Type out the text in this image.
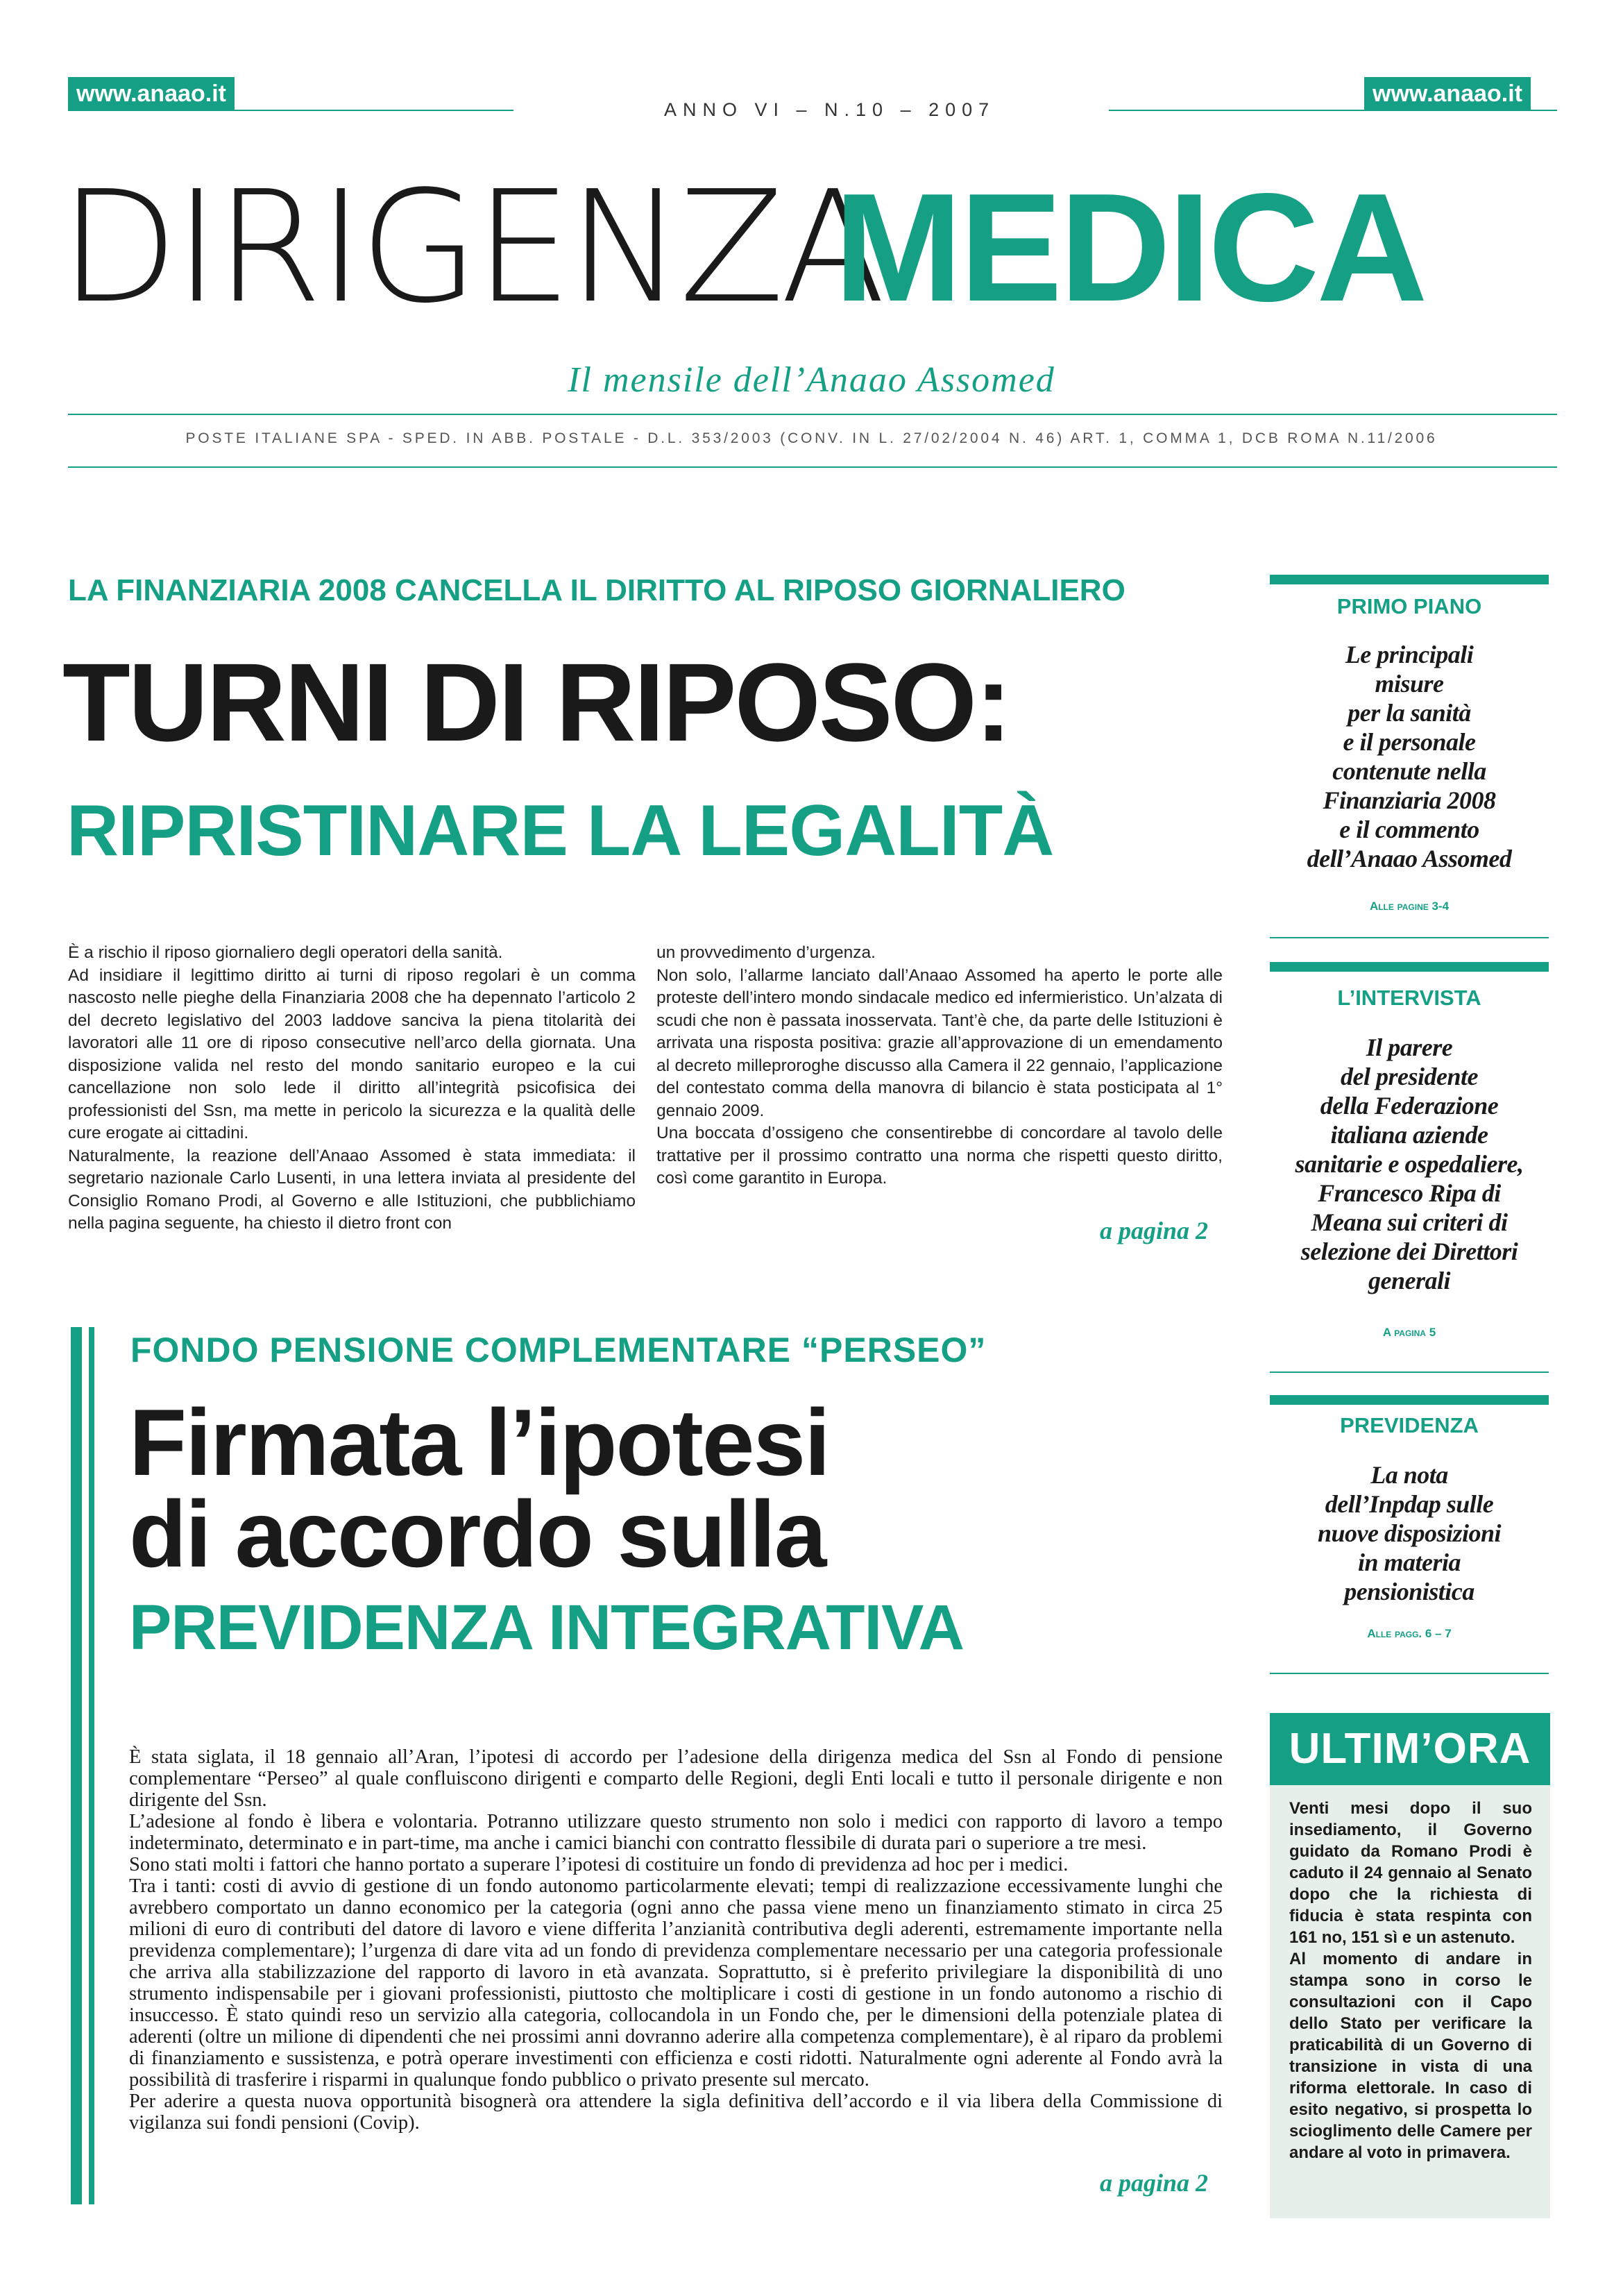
www.anaao.it
ANNO VI – N.10 – 2007
www.anaao.it
DIRIGENZA
MEDICA
Il mensile dell’Anaao Assomed
POSTE ITALIANE SPA - SPED. IN ABB. POSTALE - D.L. 353/2003 (CONV. IN L. 27/02/2004 N. 46) ART. 1, COMMA 1, DCB ROMA N.11/2006
LA FINANZIARIA 2008 CANCELLA IL DIRITTO AL RIPOSO GIORNALIERO
TURNI DI RIPOSO:
RIPRISTINARE LA LEGALITÀ

È a rischio il riposo giornaliero degli operatori della sanità.

Ad insidiare il legittimo diritto ai turni di riposo regolari è un comma nascosto nelle pieghe della Finanziaria 2008 che ha depennato l’articolo 2 del decreto legislativo del 2003 laddove sanciva la piena titolarità dei lavoratori alle 11 ore di riposo consecutive nell’arco della giornata. Una disposizione valida nel resto del mondo sanitario europeo e la cui cancellazione non solo lede il diritto all’integrità psicofisica dei professionisti del Ssn, ma mette in pericolo la sicurezza e la qualità delle cure erogate ai cittadini.

Naturalmente, la reazione dell’Anaao Assomed è stata immediata: il segretario nazionale Carlo Lusenti, in una lettera inviata al presidente del Consiglio Romano Prodi, al Governo e alle Istituzioni, che pubblichiamo nella pagina seguente, ha chiesto il dietro front con

un provvedimento d’urgenza.

Non solo, l’allarme lanciato dall’Anaao Assomed ha aperto le porte alle proteste dell’intero mondo sindacale medico ed infermieristico. Un’alzata di scudi che non è passata inosservata. Tant’è che, da parte delle Istituzioni è arrivata una risposta positiva: grazie all’approvazione di un emendamento al decreto milleproroghe discusso alla Camera il 22 gennaio, l’applicazione del contestato comma della manovra di bilancio è stata posticipata al 1° gennaio 2009.

Una boccata d’ossigeno che consentirebbe di concordare al tavolo delle trattative per il prossimo contratto una norma che rispetti questo diritto, così come garantito in Europa.

a pagina 2
FONDO PENSIONE COMPLEMENTARE “PERSEO”
Firmata l’ipotesi
di accordo sulla
PREVIDENZA INTEGRATIVA

È stata siglata, il 18 gennaio all’Aran, l’ipotesi di accordo per l’adesione della dirigenza medica del Ssn al Fondo di pensione complementare “Perseo” al quale confluiscono dirigenti e comparto delle Regioni, degli Enti locali e tutto il personale dirigente e non dirigente del Ssn.

L’adesione al fondo è libera e volontaria. Potranno utilizzare questo strumento non solo i medici con rapporto di lavoro a tempo indeterminato, determinato e in part-time, ma anche i camici bianchi con contratto flessibile di durata pari o superiore a tre mesi.

Sono stati molti i fattori che hanno portato a superare l’ipotesi di costituire un fondo di previdenza ad hoc per i medici.

Tra i tanti: costi di avvio di gestione di un fondo autonomo particolarmente elevati; tempi di realizzazione eccessivamente lunghi che avrebbero comportato un danno economico per la categoria (ogni anno che passa viene meno un finanziamento stimato in circa 25 milioni di euro di contributi del datore di lavoro e viene differita l’anzianità contributiva degli aderenti, estremamente importante nella previdenza complementare); l’urgenza di dare vita ad un fondo di previdenza complementare necessario per una categoria professionale che arriva alla stabilizzazione del rapporto di lavoro in età avanzata. Soprattutto, si è preferito privilegiare la disponibilità di uno strumento indispensabile per i giovani professionisti, piuttosto che moltiplicare i costi di gestione in un fondo autonomo a rischio di insuccesso. È stato quindi reso un servizio alla categoria, collocandola in un Fondo che, per le dimensioni della potenziale platea di aderenti (oltre un milione di dipendenti che nei prossimi anni dovranno aderire alla competenza complementare), è al riparo da problemi di finanziamento e sussistenza, e potrà operare investimenti con efficienza e costi ridotti. Naturalmente ogni aderente al Fondo avrà la possibilità di trasferire i risparmi in qualunque fondo pubblico o privato presente sul mercato.

Per aderire a questa nuova opportunità bisognerà ora attendere la sigla definitiva dell’accordo e il via libera della Commissione di vigilanza sui fondi pensioni (Covip).

a pagina 2
PRIMO PIANO
Le principali
misure
per la sanità
e il personale
contenute nella
Finanziaria 2008
e il commento
dell’Anaao Assomed
Alle pagine 3-4
L’INTERVISTA
Il parere
del presidente
della Federazione
italiana aziende
sanitarie e ospedaliere,
Francesco Ripa di
Meana sui criteri di
selezione dei Direttori
generali
A pagina 5
PREVIDENZA
La nota
dell’Inpdap sulle
nuove disposizioni
in materia
pensionistica
Alle pagg. 6 – 7
ULTIM’ORA

Venti mesi dopo il suo insediamento, il Governo guidato da Romano Prodi è caduto il 24 gennaio al Senato dopo che la richiesta di fiducia è stata respinta con 161 no, 151 sì e un astenuto.

Al momento di andare in stampa sono in corso le consultazioni con il Capo dello Stato per verificare la praticabilità di un Governo di transizione in vista di una riforma elettorale. In caso di esito negativo, si prospetta lo scioglimento delle Camere per andare al voto in primavera.
